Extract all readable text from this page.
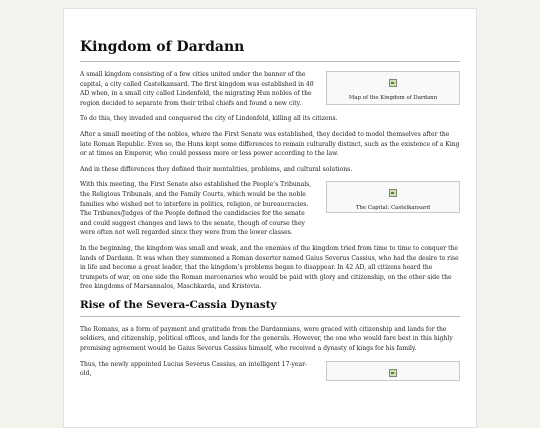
Kingdom of Dardann
Map of the Kingdom of Dardann

A small kingdom consisting of a few cities united under the banner of the capital, a city called Castelkansard. The first kingdom was established in 40 AD when, in a small city called Lindenfeld, the migrating Hun nobles of the region decided to separate from their tribal chiefs and found a new city.

To do this, they invaded and conquered the city of Lindenfeld, killing all its citizens.

After a small meeting of the nobles, where the First Senate was established, they decided to model themselves after the late Roman Republic. Even so, the Huns kept some differences to remain culturally distinct, such as the existence of a King or at times an Emperor, who could possess more or less power according to the law.

And in these differences they defined their mentalities, problems, and cultural solutions.

The Capital: Castelkansard

With this meeting, the First Senate also established the People’s Tribunals, the Religious Tribunals, and the Family Courts, which would be the noble families who wished not to interfere in politics, religion, or bureaucracies. The Tribunes/Judges of the People defined the candidacies for the senate and could suggest changes and laws to the senate, though of course they were often not well regarded since they were from the lower classes.

In the beginning, the kingdom was small and weak, and the enemies of the kingdom tried from time to time to conquer the lands of Dardann. It was when they summoned a Roman deserter named Gaius Severus Cassius, who had the desire to rise in life and become a great leader, that the kingdom’s problems began to disappear. In 42 AD, all citizens heard the trumpets of war, on one side the Roman mercenaries who would be paid with glory and citizenship, on the other side the free kingdoms of Marsannalos, Maschkarda, and Kristovia.

Rise of the Severa-Cassia Dynasty

The Romans, as a form of payment and gratitude from the Dardannians, were graced with citizenship and lands for the soldiers, and citizenship, political offices, and lands for the generals. However, the one who would fare best in this highly promising agreement would be Gaius Severus Cassius himself, who received a dynasty of kings for his family.

Thus, the newly appointed Lucius Severus Cassius, an intelligent 17-year-old,
